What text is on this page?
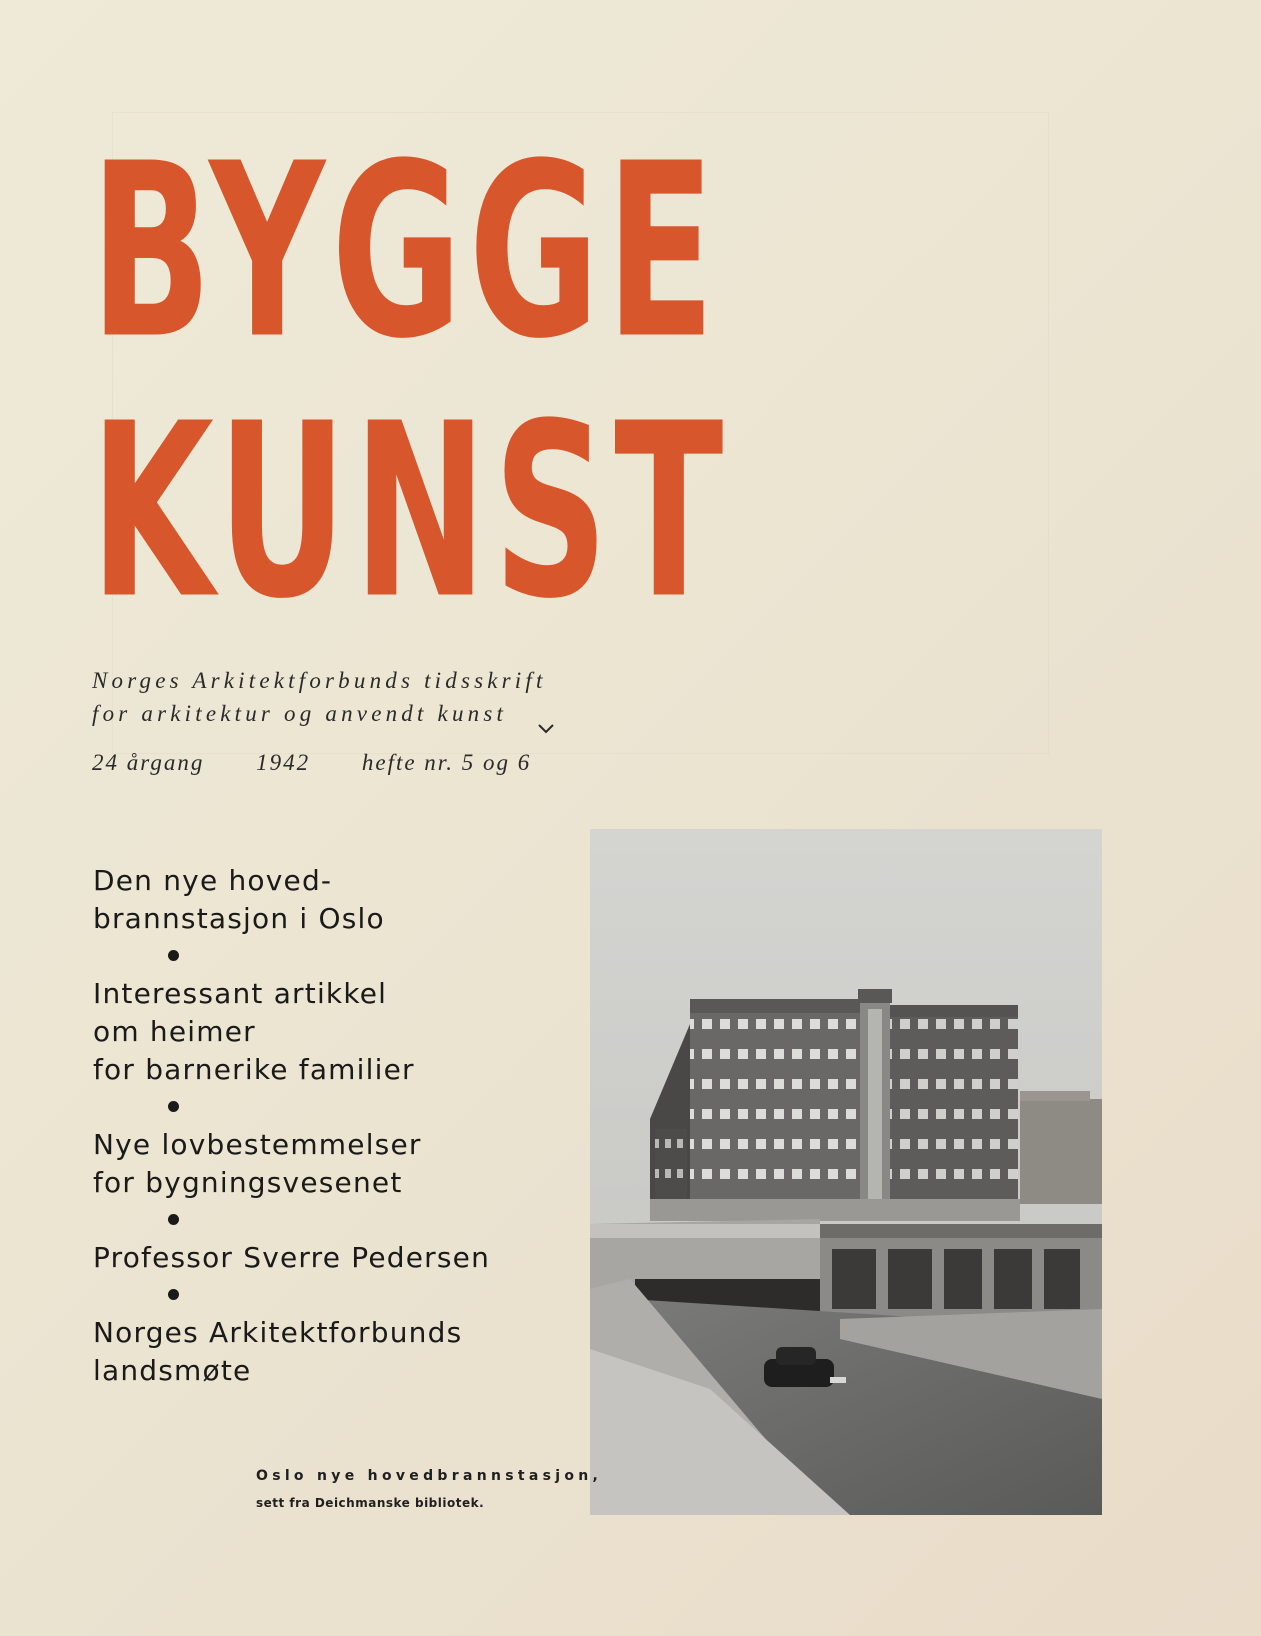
BYGGE
KUNST

Norges Arkitektforbunds tidsskrift

for arkitektur og anvendt kunst

24 årgang 1942 hefte nr. 5 og 6
Den nye hoved-
brannstasjon i Oslo
Interessant artikkel
om heimer
for barnerike familier
Nye lovbestemmelser
for bygningsvesenet
Professor Sverre Pedersen
Norges Arkitektforbunds
landsmøte

Oslo nye hovedbrannstasjon,
sett fra Deichmanske bibliotek.
